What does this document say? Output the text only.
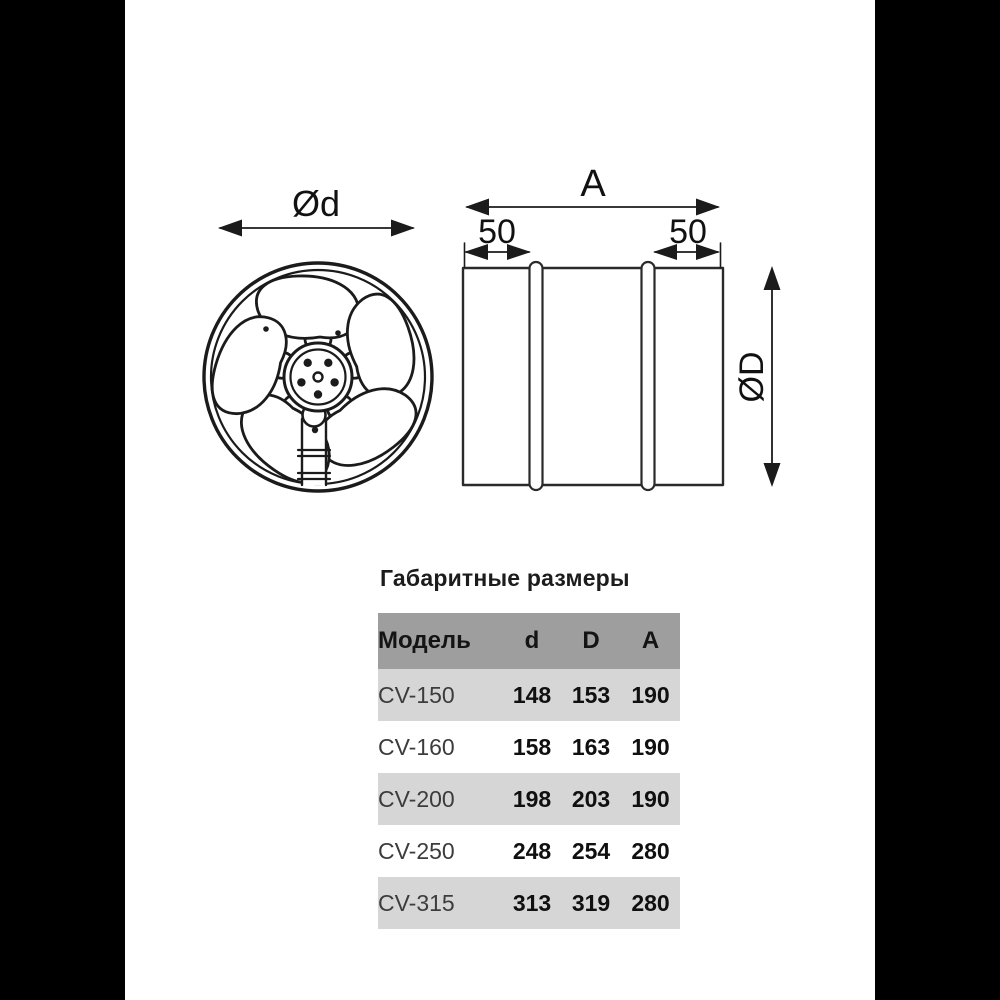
Ød	A
50	50
ØD
Габаритные размеры
Модель	d	D	A
CV-150	148	153	190
CV-160	158	163	190
CV-200	198	203	190
CV-250	248	254	280
CV-315	313	319	280
